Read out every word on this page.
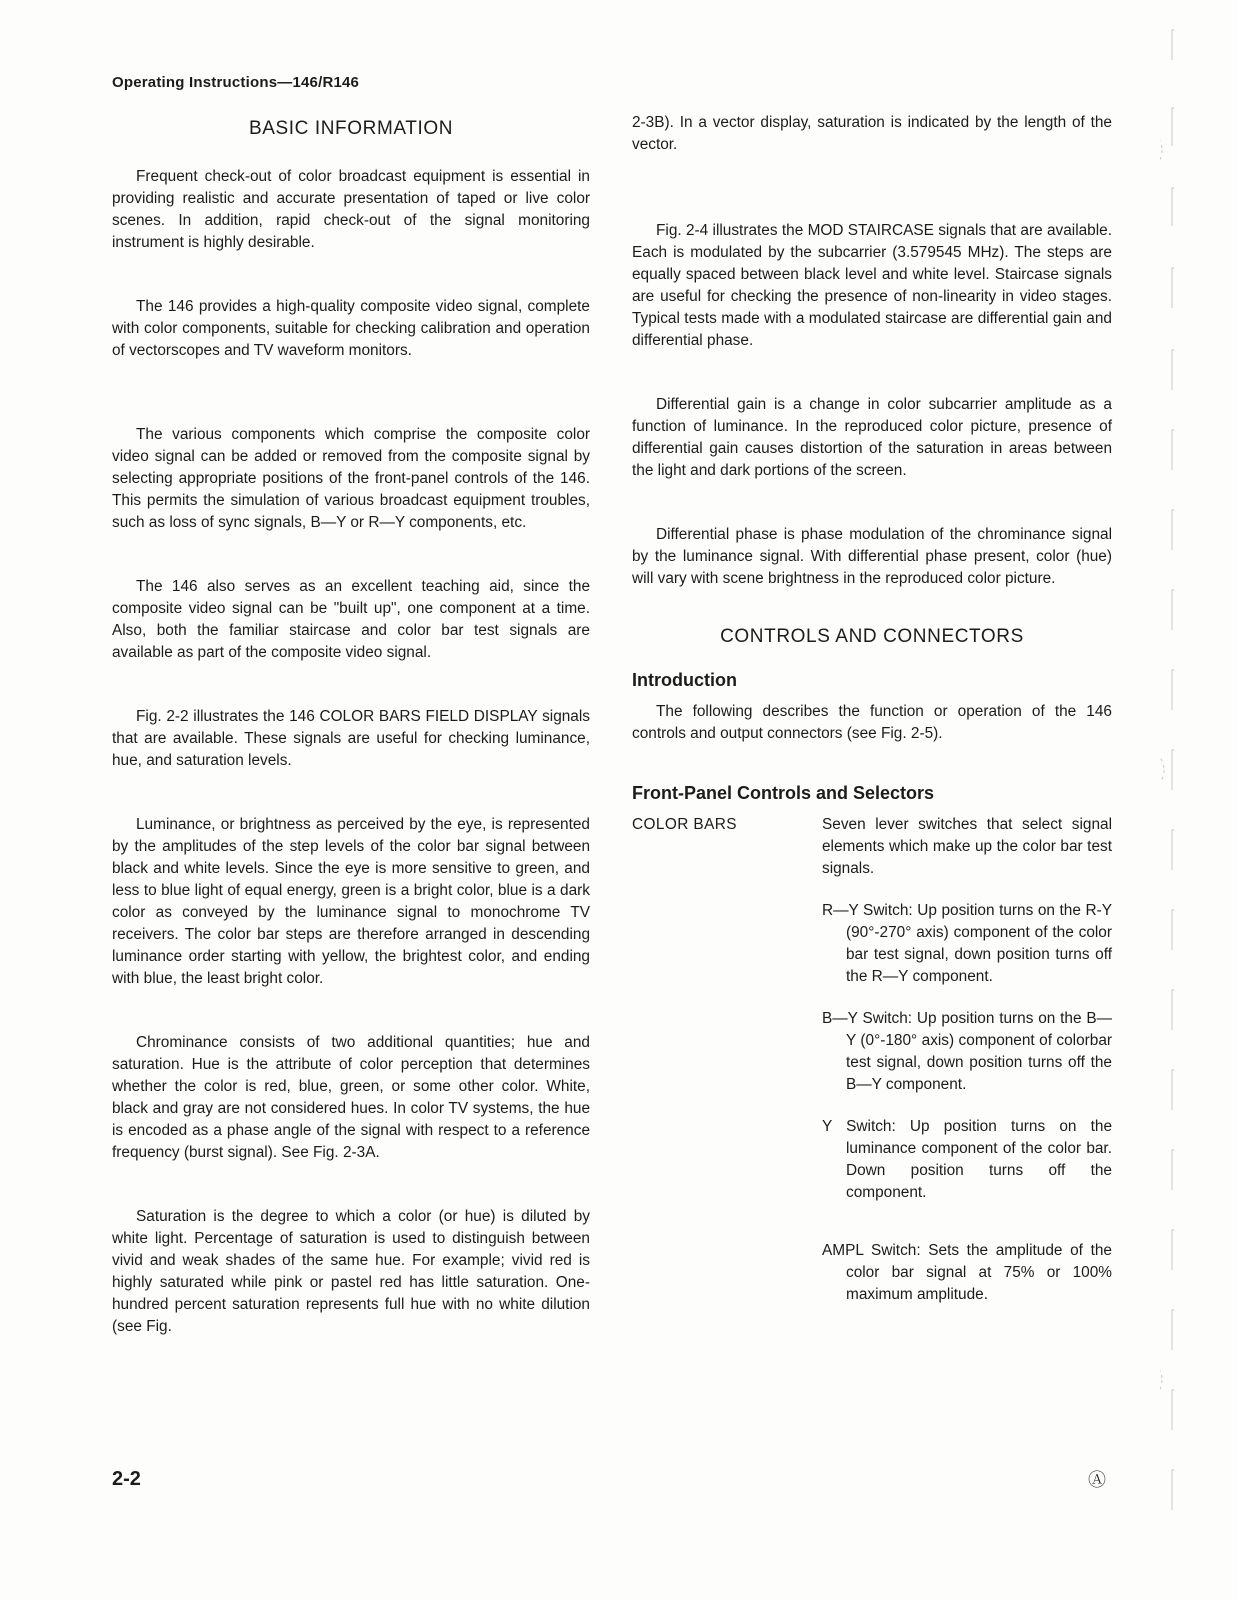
Operating Instructions—146/R146
BASIC INFORMATION

Frequent check-out of color broadcast equipment is essential in providing realistic and accurate presentation of taped or live color scenes. In addition, rapid check-out of the signal monitoring instrument is highly desirable.

The 146 provides a high-quality composite video signal, complete with color components, suitable for checking calibration and operation of vectorscopes and TV waveform monitors.

The various components which comprise the composite color video signal can be added or removed from the composite signal by selecting appropriate positions of the front-panel controls of the 146. This permits the simulation of various broadcast equipment troubles, such as loss of sync signals, B—Y or R—Y components, etc.

The 146 also serves as an excellent teaching aid, since the composite video signal can be "built up", one component at a time. Also, both the familiar staircase and color bar test signals are available as part of the composite video signal.

Fig. 2-2 illustrates the 146 COLOR BARS FIELD DISPLAY signals that are available. These signals are useful for checking luminance, hue, and saturation levels.

Luminance, or brightness as perceived by the eye, is represented by the amplitudes of the step levels of the color bar signal between black and white levels. Since the eye is more sensitive to green, and less to blue light of equal energy, green is a bright color, blue is a dark color as conveyed by the luminance signal to monochrome TV receivers. The color bar steps are therefore arranged in descending luminance order starting with yellow, the brightest color, and ending with blue, the least bright color.

Chrominance consists of two additional quantities; hue and saturation. Hue is the attribute of color perception that determines whether the color is red, blue, green, or some other color. White, black and gray are not considered hues. In color TV systems, the hue is encoded as a phase angle of the signal with respect to a reference frequency (burst signal). See Fig. 2-3A.

Saturation is the degree to which a color (or hue) is diluted by white light. Percentage of saturation is used to distinguish between vivid and weak shades of the same hue. For example; vivid red is highly saturated while pink or pastel red has little saturation. One-hundred percent saturation represents full hue with no white dilution (see Fig.

2-3B). In a vector display, saturation is indicated by the length of the vector.

Fig. 2-4 illustrates the MOD STAIRCASE signals that are available. Each is modulated by the subcarrier (3.579545 MHz). The steps are equally spaced between black level and white level. Staircase signals are useful for checking the presence of non-linearity in video stages. Typical tests made with a modulated staircase are differential gain and differential phase.

Differential gain is a change in color subcarrier amplitude as a function of luminance. In the reproduced color picture, presence of differential gain causes distortion of the saturation in areas between the light and dark portions of the screen.

Differential phase is phase modulation of the chrominance signal by the luminance signal. With differential phase present, color (hue) will vary with scene brightness in the reproduced color picture.

CONTROLS AND CONNECTORS
Introduction

The following describes the function or operation of the 146 controls and output connectors (see Fig. 2-5).

Front-Panel Controls and Selectors
COLOR BARS	Seven lever switches that select signal elements which make up the color bar test signals.

R—Y Switch: Up position turns on the R-Y (90°-270° axis) component of the color bar test signal, down position turns off the R—Y component.

B—Y Switch: Up position turns on the B—Y (0°-180° axis) component of colorbar test signal, down position turns off the B—Y component.

Y Switch: Up position turns on the luminance component of the color bar. Down position turns off the component.

AMPL Switch: Sets the amplitude of the color bar signal at 75% or 100% maximum amplitude.

2-2	Ⓐ
